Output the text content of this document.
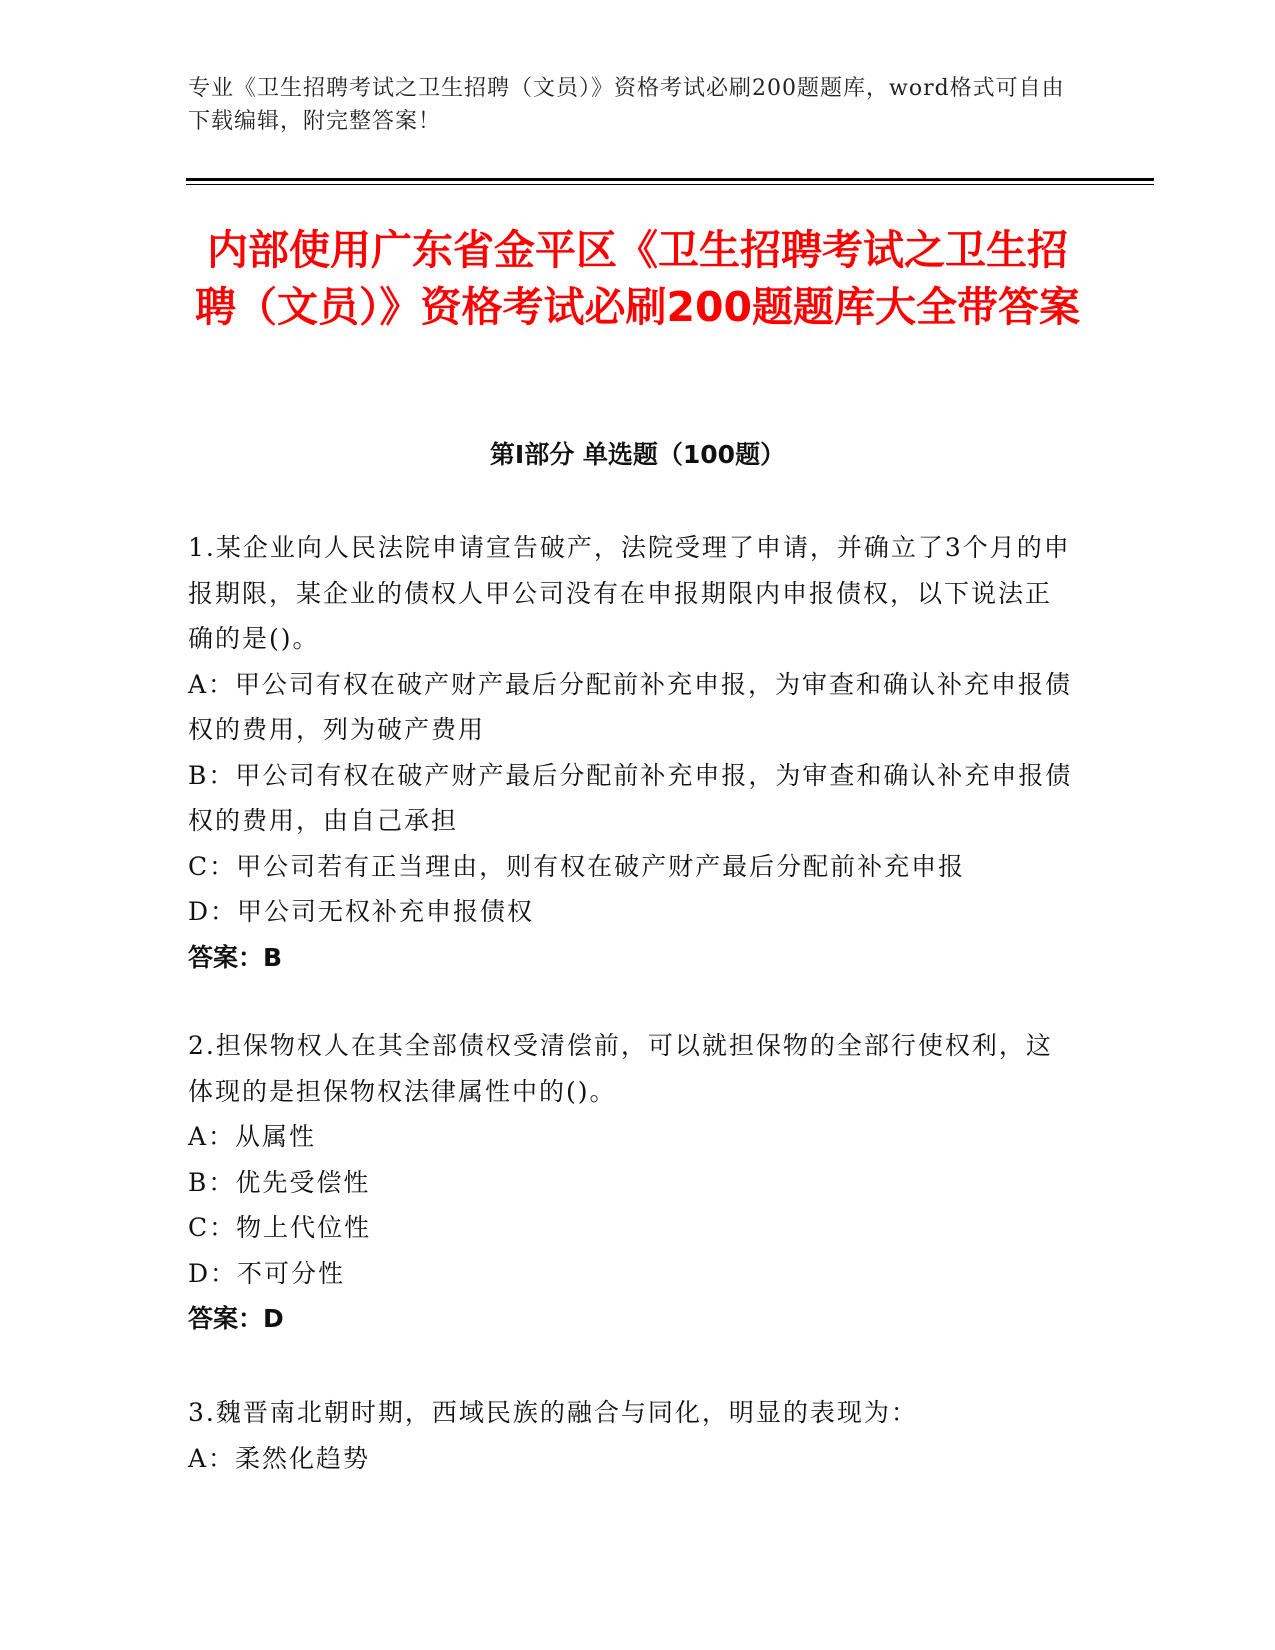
专业《卫生招聘考试之卫生招聘（文员）》资格考试必刷200题题库，word格式可自由下载编辑，附完整答案！
内部使用广东省金平区《卫生招聘考试之卫生招聘（文员）》资格考试必刷200题题库大全带答案
第Ⅰ部分 单选题（100题）

1.某企业向人民法院申请宣告破产，法院受理了申请，并确立了3个月的申报期限，某企业的债权人甲公司没有在申报期限内申报债权，以下说法正确的是()。

A：甲公司有权在破产财产最后分配前补充申报，为审查和确认补充申报债权的费用，列为破产费用

B：甲公司有权在破产财产最后分配前补充申报，为审查和确认补充申报债权的费用，由自己承担

C：甲公司若有正当理由，则有权在破产财产最后分配前补充申报

D：甲公司无权补充申报债权

答案：B

2.担保物权人在其全部债权受清偿前，可以就担保物的全部行使权利，这体现的是担保物权法律属性中的()。

A：从属性

B：优先受偿性

C：物上代位性

D：不可分性

答案：D

3.魏晋南北朝时期，西域民族的融合与同化，明显的表现为：

A：柔然化趋势
